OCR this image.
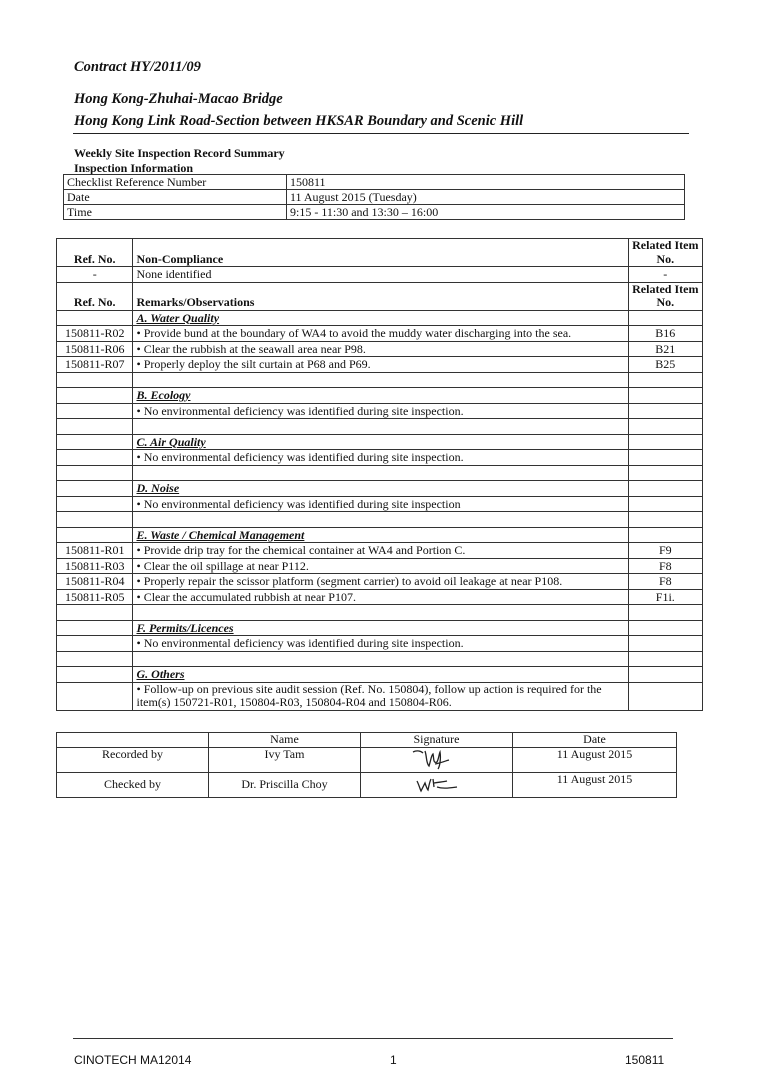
Contract HY/2011/09
Hong Kong-Zhuhai-Macao Bridge
Hong Kong Link Road-Section between HKSAR Boundary and Scenic Hill
Weekly Site Inspection Record Summary
Inspection Information
Checklist Reference Number	150811
Date	11 August 2015 (Tuesday)
Time	9:15 - 11:30 and 13:30 – 16:00
Ref. No.	Non-Compliance	Related Item No.
-	None identified	-
Ref. No.	Remarks/Observations	Related Item No.
	A. Water Quality	
150811-R02	• Provide bund at the boundary of WA4 to avoid the muddy water discharging into the sea.	B16
150811-R06	• Clear the rubbish at the seawall area near P98.	B21
150811-R07	• Properly deploy the silt curtain at P68 and P69.	B25

	B. Ecology	
	• No environmental deficiency was identified during site inspection.	

	C. Air Quality	
	• No environmental deficiency was identified during site inspection.	

	D. Noise	
	• No environmental deficiency was identified during site inspection	

	E. Waste / Chemical Management	
150811-R01	• Provide drip tray for the chemical container at WA4 and Portion C.	F9
150811-R03	• Clear the oil spillage at near P112.	F8
150811-R04	• Properly repair the scissor platform (segment carrier) to avoid oil leakage at near P108.	F8
150811-R05	• Clear the accumulated rubbish at near P107.	F1i.

	F. Permits/Licences	
	• No environmental deficiency was identified during site inspection.	

	G. Others	
	• Follow-up on previous site audit session (Ref. No. 150804), follow up action is required for the item(s) 150721-R01, 150804-R03, 150804-R04 and 150804-R06.	
	Name	Signature	Date
Recorded by	Ivy Tam		11 August 2015
Checked by	Dr. Priscilla Choy		11 August 2015
CINOTECH MA12014	1	150811
